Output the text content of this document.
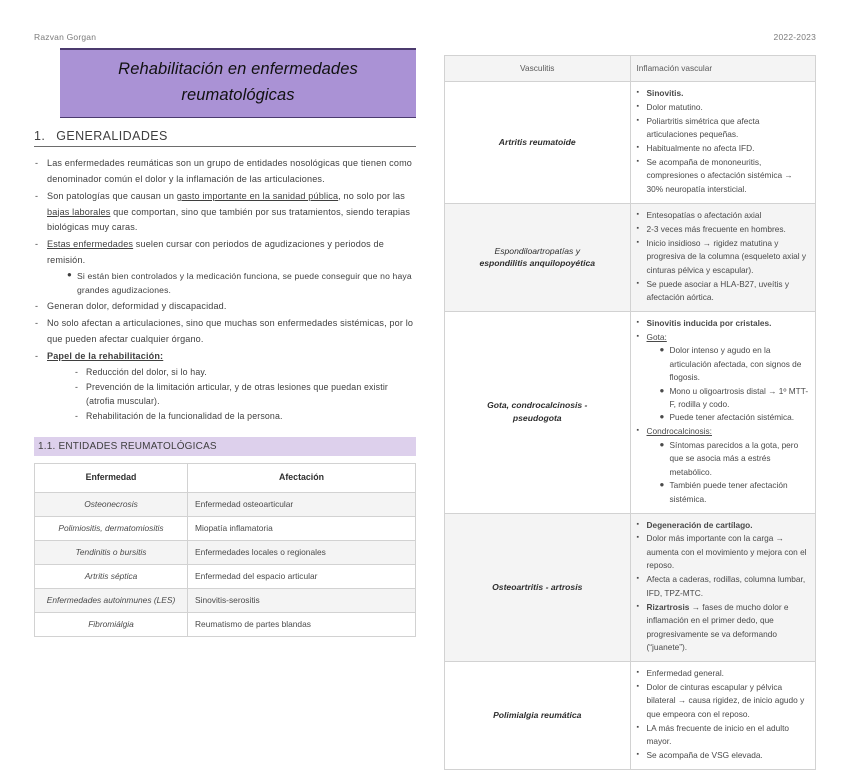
Razvan Gorgan	2022-2023
Rehabilitación en enfermedades
reumatológicas
1. GENERALIDADES
- Las enfermedades reumáticas son un grupo de entidades nosológicas que tienen como denominador común el dolor y la inflamación de las articulaciones.
- Son patologías que causan un gasto importante en la sanidad pública, no solo por las bajas laborales que comportan, sino que también por sus tratamientos, siendo terapias biológicas muy caras.
- Estas enfermedades suelen cursar con periodos de agudizaciones y periodos de remisión.
● Si están bien controlados y la medicación funciona, se puede conseguir que no haya grandes agudizaciones.
- Generan dolor, deformidad y discapacidad.
- No solo afectan a articulaciones, sino que muchas son enfermedades sistémicas, por lo que pueden afectar cualquier órgano.
- Papel de la rehabilitación:
- Reducción del dolor, si lo hay.
- Prevención de la limitación articular, y de otras lesiones que puedan existir (atrofia muscular).
- Rehabilitación de la funcionalidad de la persona.
1.1. ENTIDADES REUMATOLÓGICAS
Enfermedad	Afectación
Osteonecrosis	Enfermedad osteoarticular
Polimiositis, dermatomiositis	Miopatía inflamatoria
Tendinitis o bursitis	Enfermedades locales o regionales
Artritis séptica	Enfermedad del espacio articular
Enfermedades autoinmunes (LES)	Sinovitis-serositis
Fibromiálgia	Reumatismo de partes blandas
Vasculitis	Inflamación vascular
Artritis reumatoide	
▪ Sinovitis.
▪ Dolor matutino.
▪ Poliartritis simétrica que afecta articulaciones pequeñas.
▪ Habitualmente no afecta IFD.
▪ Se acompaña de mononeuritis, compresiones o afectación sistémica → 30% neuropatía intersticial.

Espondiloartropatías y
espondilitis anquilopoyética

▪ Entesopatías o afectación axial
▪ 2-3 veces más frecuente en hombres.
▪ Inicio insidioso → rigidez matutina y progresiva de la columna (esqueleto axial y cinturas pélvica y escapular).
▪ Se puede asociar a HLA-B27, uveítis y afectación aórtica.

Gota, condrocalcinosis -
pseudogota

▪ Sinovitis inducida por cristales.
▪ Gota:
● Dolor intenso y agudo en la articulación afectada, con signos de flogosis.
● Mono u oligoartrosis distal → 1º MTT-F, rodilla y codo.
● Puede tener afectación sistémica.
▪ Condrocalcinosis:
● Síntomas parecidos a la gota, pero que se asocia más a estrés metabólico.
● También puede tener afectación sistémica.

Osteoartritis - artrosis	
▪ Degeneración de cartílago.
▪ Dolor más importante con la carga → aumenta con el movimiento y mejora con el reposo.
▪ Afecta a caderas, rodillas, columna lumbar, IFD, TPZ-MTC.
▪ Rizartrosis → fases de mucho dolor e inflamación en el primer dedo, que progresivamente se va deformando (“juanete”).

Polimialgia reumática	
▪ Enfermedad general.
▪ Dolor de cinturas escapular y pélvica bilateral → causa rigidez, de inicio agudo y que empeora con el reposo.
▪ LA más frecuente de inicio en el adulto mayor.
▪ Se acompaña de VSG elevada.
